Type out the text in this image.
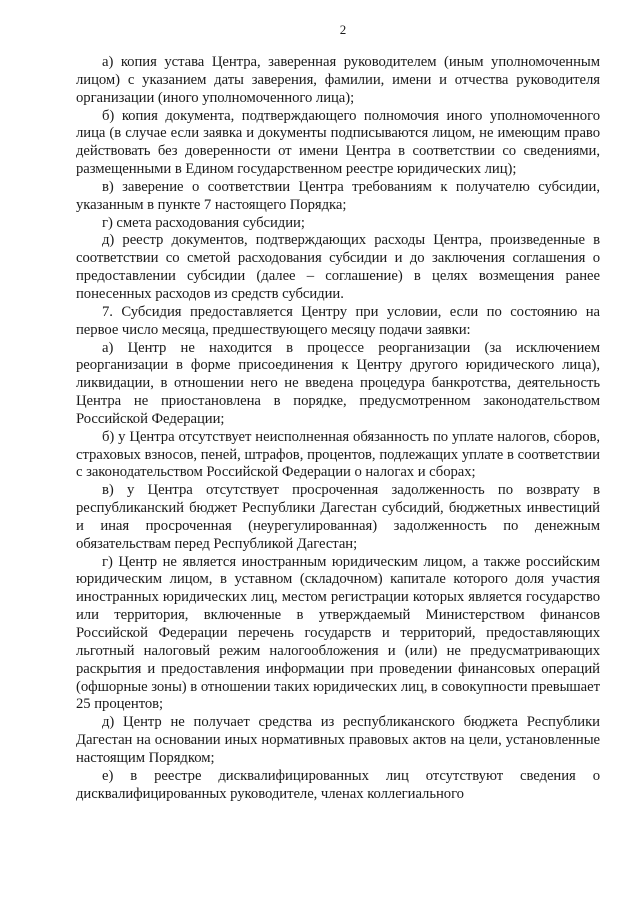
2

а) копия устава Центра, заверенная руководителем (иным уполномоченным лицом) с указанием даты заверения, фамилии, имени и отчества руководителя организации (иного уполномоченного лица);

б) копия документа, подтверждающего полномочия иного уполномоченного лица (в случае если заявка и документы подписываются лицом, не имеющим право действовать без доверенности от имени Центра в соответствии со сведениями, размещенными в Едином государственном реестре юридических лиц);

в) заверение о соответствии Центра требованиям к получателю субсидии, указанным в пункте 7 настоящего Порядка;

г) смета расходования субсидии;

д) реестр документов, подтверждающих расходы Центра, произведенные в соответствии со сметой расходования субсидии и до заключения соглашения о предоставлении субсидии (далее – соглашение) в целях возмещения ранее понесенных расходов из средств субсидии.

7. Субсидия предоставляется Центру при условии, если по состоянию на первое число месяца, предшествующего месяцу подачи заявки:

а) Центр не находится в процессе реорганизации (за исключением реорганизации в форме присоединения к Центру другого юридического лица), ликвидации, в отношении него не введена процедура банкротства, деятельность Центра не приостановлена в порядке, предусмотренном законодательством Российской Федерации;

б) у Центра отсутствует неисполненная обязанность по уплате налогов, сборов, страховых взносов, пеней, штрафов, процентов, подлежащих уплате в соответствии с законодательством Российской Федерации о налогах и сборах;

в) у Центра отсутствует просроченная задолженность по возврату в республиканский бюджет Республики Дагестан субсидий, бюджетных инвестиций и иная просроченная (неурегулированная) задолженность по денежным обязательствам перед Республикой Дагестан;

г) Центр не является иностранным юридическим лицом, а также российским юридическим лицом, в уставном (складочном) капитале которого доля участия иностранных юридических лиц, местом регистрации которых является государство или территория, включенные в утверждаемый Министерством финансов Российской Федерации перечень государств и территорий, предоставляющих льготный налоговый режим налогообложения и (или) не предусматривающих раскрытия и предоставления информации при проведении финансовых операций (офшорные зоны) в отношении таких юридических лиц, в совокупности превышает 25 процентов;

д) Центр не получает средства из республиканского бюджета Республики Дагестан на основании иных нормативных правовых актов на цели, установленные настоящим Порядком;

е) в реестре дисквалифицированных лиц отсутствуют сведения о дисквалифицированных руководителе, членах коллегиального
